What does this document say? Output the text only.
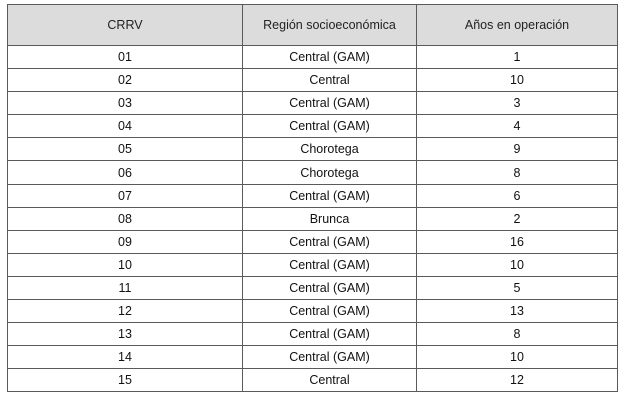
CRRV	Región socioeconómica	Años en operación
01	Central (GAM)	1
02	Central	10
03	Central (GAM)	3
04	Central (GAM)	4
05	Chorotega	9
06	Chorotega	8
07	Central (GAM)	6
08	Brunca	2
09	Central (GAM)	16
10	Central (GAM)	10
11	Central (GAM)	5
12	Central (GAM)	13
13	Central (GAM)	8
14	Central (GAM)	10
15	Central	12
